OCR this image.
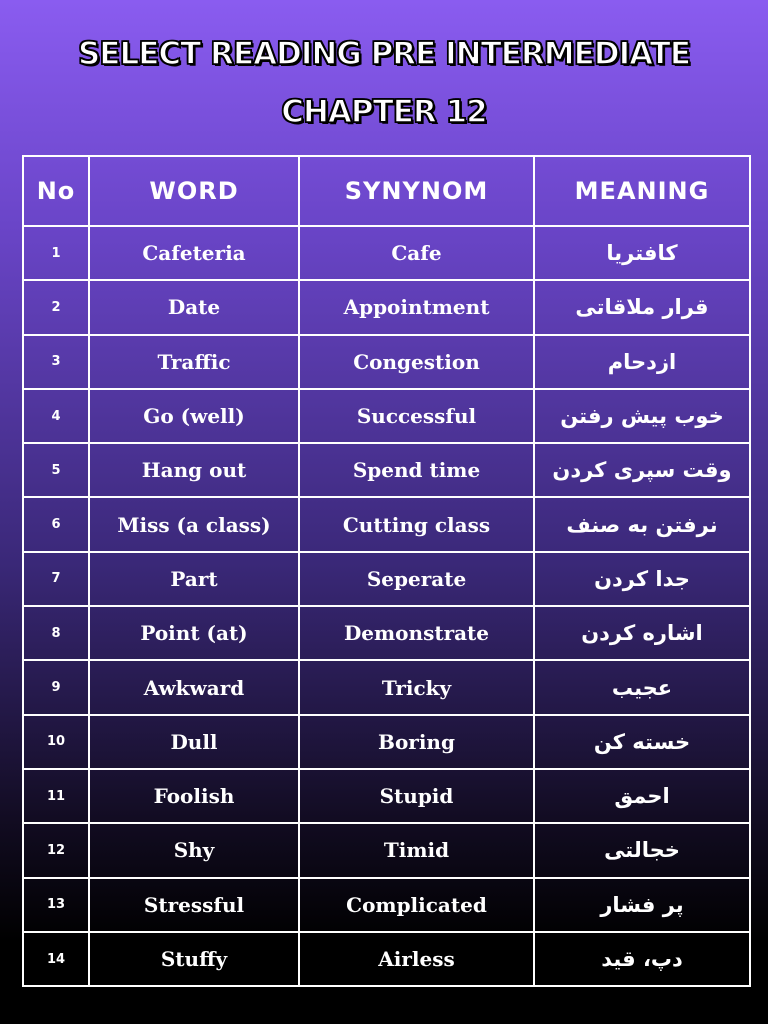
SELECT READING PRE INTERMEDIATE
CHAPTER 12
No	WORD	SYNYNOM	MEANING
1	Cafeteria	Cafe	کافتریا
2	Date	Appointment	قرار ملاقاتی
3	Traffic	Congestion	ازدحام
4	Go (well)	Successful	خوب پیش رفتن
5	Hang out	Spend time	وقت سپری کردن
6	Miss (a class)	Cutting class	نرفتن به صنف
7	Part	Seperate	جدا کردن
8	Point (at)	Demonstrate	اشاره کردن
9	Awkward	Tricky	عجیب
10	Dull	Boring	خسته کن
11	Foolish	Stupid	احمق
12	Shy	Timid	خجالتی
13	Stressful	Complicated	پر فشار
14	Stuffy	Airless	دپ، قید
